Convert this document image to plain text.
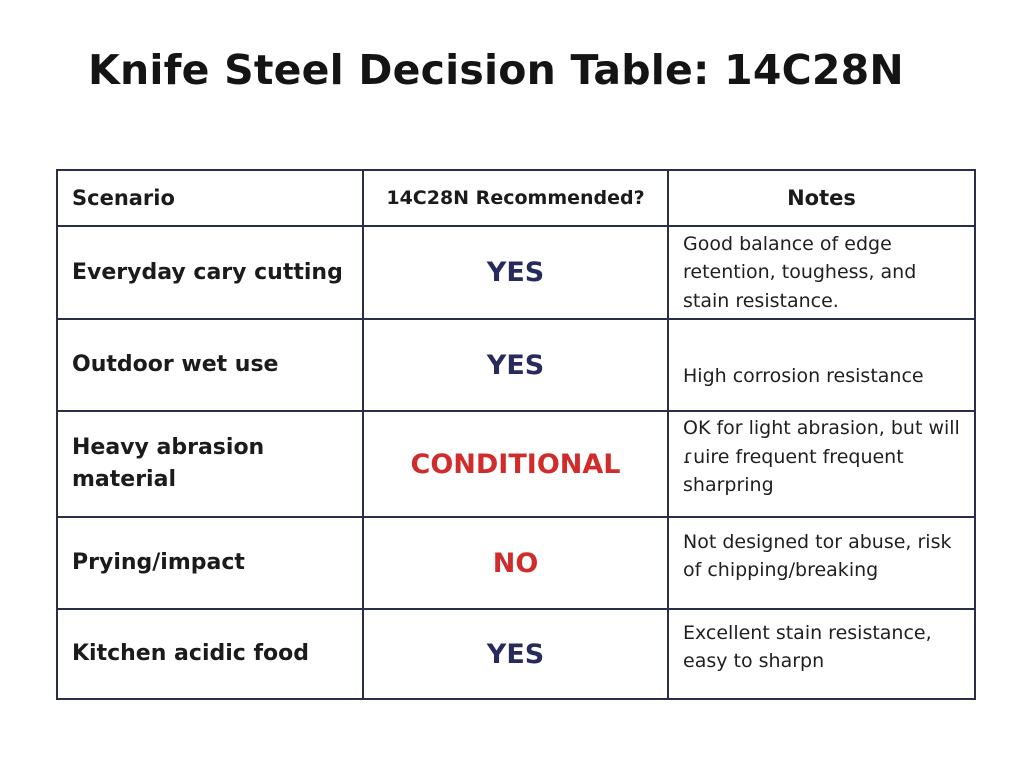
Knife Steel Decision Table: 14C28N
Scenario	14C28N Recommended?	Notes
Everyday cary cutting	YES	Good balance of edge retention, toughess, and stain resistance.

Outdoor wet use	YES	High corrosion resistance

Heavy abrasion material	CONDITIONAL	OK for light abrasion, but will ɾuire frequent frequent sharpring

Prying/impact	NO	Not designed tor abuse, risk of chipping/breaking

Kitchen acidic food	YES	Excellent stain resistance, easy to sharpn
